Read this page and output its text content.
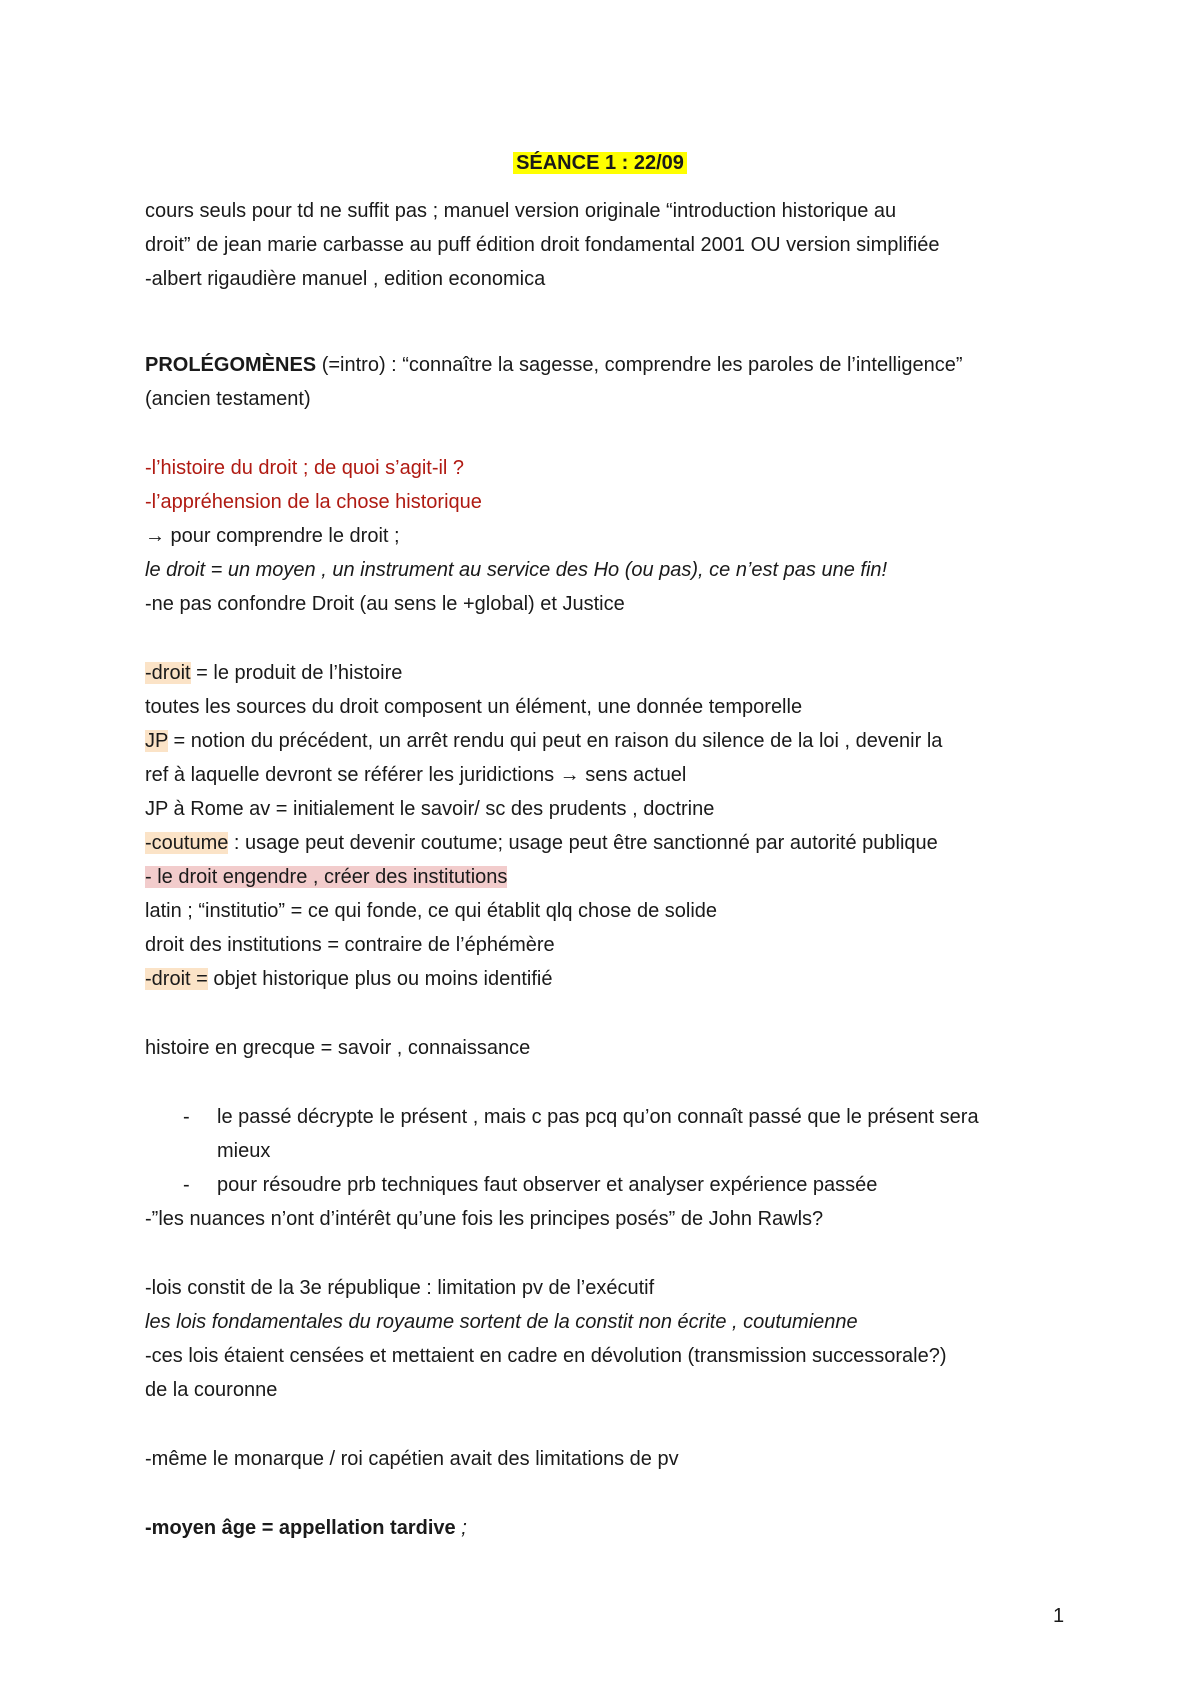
SÉANCE 1 : 22/09
cours seuls pour td ne suffit pas ; manuel version originale “introduction historique au
droit” de jean marie carbasse au puff édition droit fondamental 2001 OU version simplifiée
-albert rigaudière manuel , edition economica
PROLÉGOMÈNES (=intro) : “connaître la sagesse, comprendre les paroles de l’intelligence”
(ancien testament)
-l’histoire du droit ; de quoi s’agit-il ?
-l’appréhension de la chose historique
→ pour comprendre le droit ;
le droit = un moyen , un instrument au service des Ho (ou pas), ce n’est pas une fin!
-ne pas confondre Droit (au sens le +global) et Justice
-droit = le produit de l’histoire
toutes les sources du droit composent un élément, une donnée temporelle
JP = notion du précédent, un arrêt rendu qui peut en raison du silence de la loi , devenir la
ref à laquelle devront se référer les juridictions → sens actuel
JP à Rome av = initialement le savoir/ sc des prudents , doctrine
-coutume : usage peut devenir coutume; usage peut être sanctionné par autorité publique
- le droit engendre , créer des institutions
latin ; “institutio” = ce qui fonde, ce qui établit qlq chose de solide
droit des institutions = contraire de l’éphémère
-droit = objet historique plus ou moins identifié
histoire en grecque = savoir , connaissance
- le passé décrypte le présent , mais c pas pcq qu’on connaît passé que le présent sera
mieux
- pour résoudre prb techniques faut observer et analyser expérience passée
-”les nuances n’ont d’intérêt qu’une fois les principes posés” de John Rawls?
-lois constit de la 3e république : limitation pv de l’exécutif
les lois fondamentales du royaume sortent de la constit non écrite , coutumienne
-ces lois étaient censées et mettaient en cadre en dévolution (transmission successorale?)
de la couronne
-même le monarque / roi capétien avait des limitations de pv
-moyen âge = appellation tardive ;
1
